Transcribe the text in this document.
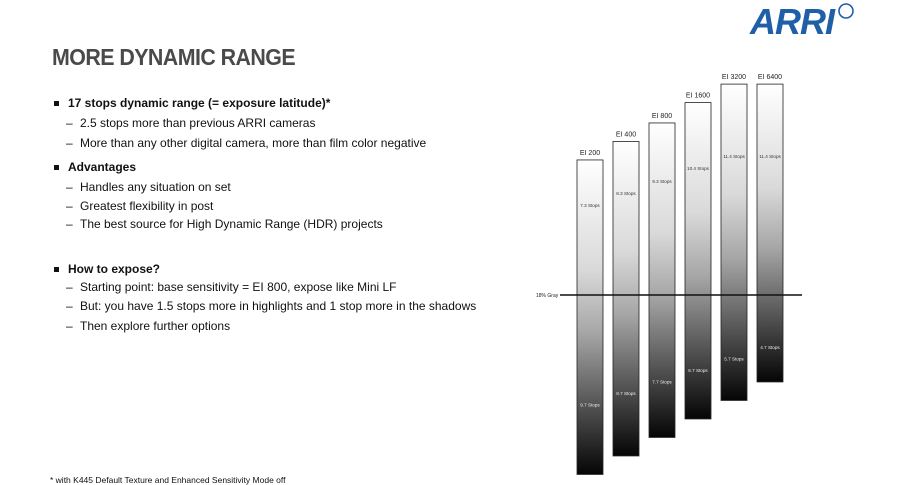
ARRI
MORE DYNAMIC RANGE
17 stops dynamic range (= exposure latitude)*
– 2.5 stops more than previous ARRI cameras
– More than any other digital camera, more than film color negative
Advantages
– Handles any situation on set
– Greatest flexibility in post
– The best source for High Dynamic Range (HDR) projects
How to expose?
– Starting point: base sensitivity = EI 800, expose like Mini LF
– But: you have 1.5 stops more in highlights and 1 stop more in the shadows
– Then explore further options
EI 200
7.3 Stops
9.7 Stops
EI 400
8.3 Stops
8.7 Stops
EI 800
9.3 Stops
7.7 Stops
EI 1600
10.4 Stops
6.7 Stops
EI 3200
11.4 Stops
5.7 Stops
EI 6400
11.4 Stops
4.7 Stops
18% Gray
* with K445 Default Texture and Enhanced Sensitivity Mode off
